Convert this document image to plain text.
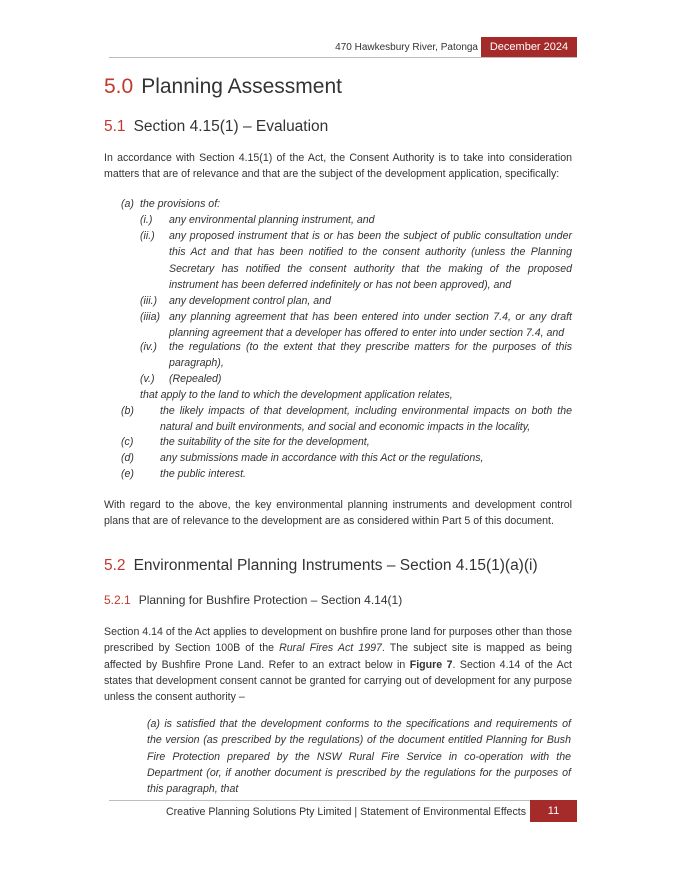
470 Hawkesbury River, Patonga	December 2024
5.0 Planning Assessment
5.1 Section 4.15(1) – Evaluation
In accordance with Section 4.15(1) of the Act, the Consent Authority is to take into consideration matters that are of relevance and that are the subject of the development application, specifically:
(a) the provisions of:
(i.) any environmental planning instrument, and
(ii.) any proposed instrument that is or has been the subject of public consultation under this Act and that has been notified to the consent authority (unless the Planning Secretary has notified the consent authority that the making of the proposed instrument has been deferred indefinitely or has not been approved), and
(iii.) any development control plan, and
(iiia) any planning agreement that has been entered into under section 7.4, or any draft planning agreement that a developer has offered to enter into under section 7.4, and
(iv.) the regulations (to the extent that they prescribe matters for the purposes of this paragraph),
(v.) (Repealed)
that apply to the land to which the development application relates,
(b) the likely impacts of that development, including environmental impacts on both the natural and built environments, and social and economic impacts in the locality,
(c)	the suitability of the site for the development,
(d) any submissions made in accordance with this Act or the regulations,
(e) the public interest.
With regard to the above, the key environmental planning instruments and development control plans that are of relevance to the development are as considered within Part 5 of this document.
5.2 Environmental Planning Instruments – Section 4.15(1)(a)(i)
5.2.1 Planning for Bushfire Protection – Section 4.14(1)
Section 4.14 of the Act applies to development on bushfire prone land for purposes other than those prescribed by Section 100B of the Rural Fires Act 1997. The subject site is mapped as being affected by Bushfire Prone Land. Refer to an extract below in Figure 7. Section 4.14 of the Act states that development consent cannot be granted for carrying out of development for any purpose unless the consent authority –
(a) is satisfied that the development conforms to the specifications and requirements of the version (as prescribed by the regulations) of the document entitled Planning for Bush Fire Protection prepared by the NSW Rural Fire Service in co-operation with the Department (or, if another document is prescribed by the regulations for the purposes of this paragraph, that
Creative Planning Solutions Pty Limited | Statement of Environmental Effects	11
